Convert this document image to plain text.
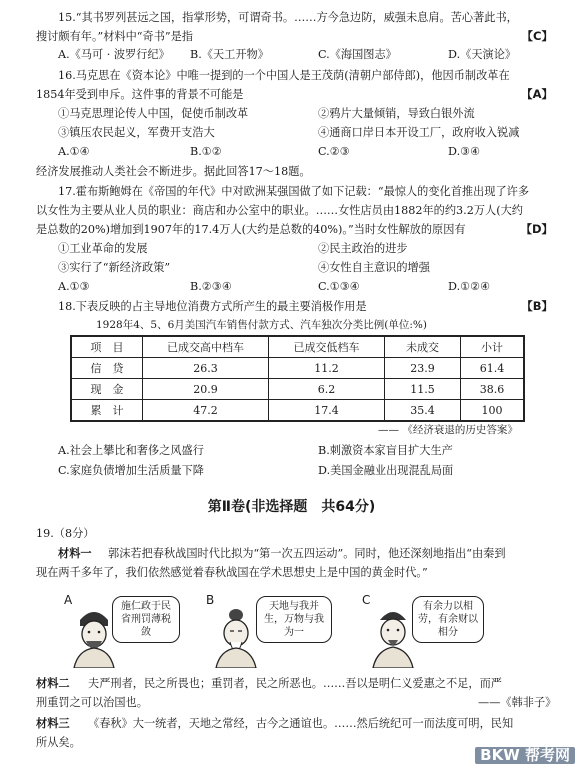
15.“其书罗列甚远之国，指掌形势，可谓奇书。……方今急边防，威强未息肩。苦心著此书，
搜讨颇有年。”材料中“奇书”是指	【C】
A.《马可 · 波罗行纪》 B.《天工开物》	C.《海国图志》	D.《天演论》
16.马克思在《资本论》中唯一提到的一个中国人是王茂荫(清朝户部侍郎)，他因币制改革在
1854年受到申斥。这件事的背景不可能是	【A】
①马克思理论传人中国，促使币制改革	②鸦片大量倾销，导致白银外流
③镇压农民起义，军费开支浩大	④通商口岸日本开设工厂，政府收入锐减
A.①④	B.①②	C.②③	D.③④
经济发展推动人类社会不断进步。据此回答17～18题。
17.霍布斯鲍姆在《帝国的年代》中对欧洲某强国做了如下记载：“最惊人的变化首推出现了许多
以女性为主要从业人员的职业：商店和办公室中的职业。……女性店员由1882年的约3.2万人(大约
是总数的20%)增加到1907年的17.4万人(大约是总数的40%)。”当时女性解放的原因有	【D】
①工业革命的发展	②民主政治的进步
③实行了“新经济政策”	④女性自主意识的增强
A.①③	B.②③④	C.①③④	D.①②④
18.下表反映的占主导地位消费方式所产生的最主要消极作用是	【B】
1928年4、5、6月美国汽车销售付款方式、汽车独次分类比例(单位:%)
项　目	已成交高中档车	已成交低档车	未成交	小计
信　贷	26.3	11.2	23.9	61.4
现　金	20.9	6.2	11.5	38.6
累　计	47.2	17.4	35.4	100
—— 《经济衰退的历史答案》
A.社会上攀比和奢侈之风盛行	B.刺激资本家盲目扩大生产
C.家庭负债增加生活质量下降	D.美国金融业出现混乱局面
第Ⅱ卷(非选择题　共64分)
19.（8分）
材料一 郭沫若把春秋战国时代比拟为“第一次五四运动”。同时，他还深刻地指出“由秦到
现在两千多年了，我们依然感觉着春秋战国在学术思想史上是中国的黄金时代。”
A	施仁政于民省刑罚薄税敛
B	天地与我并生，万物与我为一
C	有余力以相劳，有余财以相分
材料二 夫严刑者，民之所畏也；重罚者，民之所恶也。……吾以是明仁义爱惠之不足，而严
刑重罚之可以治国也。	——《韩非子》
材料三 《春秋》大一统者，天地之常经，古今之通谊也。……然后统纪可一而法度可明，民知
所从矣。
BKW 帮考网
